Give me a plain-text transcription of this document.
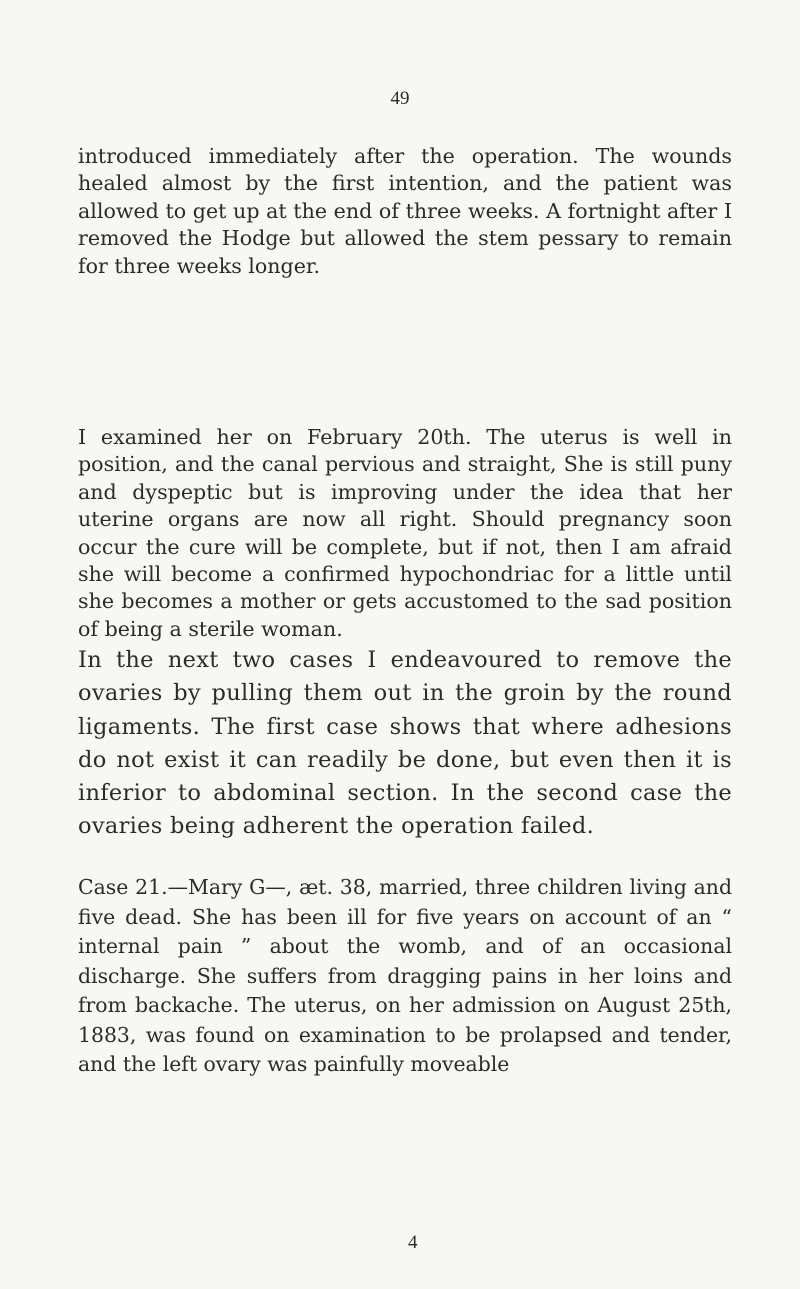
49
introduced immediately after the operation. The wounds healed almost by the first intention, and the patient was allowed to get up at the end of three weeks. A fortnight after I removed the Hodge but allowed the stem pessary to remain for three weeks longer.
I examined her on February 20th. The uterus is well in position, and the canal pervious and straight, She is still puny and dyspeptic but is improving under the idea that her uterine organs are now all right. Should pregnancy soon occur the cure will be complete, but if not, then I am afraid she will become a confirmed hypochondriac for a little until she becomes a mother or gets accustomed to the sad position of being a sterile woman.
In the next two cases I endeavoured to remove the ovaries by pulling them out in the groin by the round ligaments. The first case shows that where adhesions do not exist it can readily be done, but even then it is inferior to abdominal section. In the second case the ovaries being adherent the operation failed.
Case 21.—Mary G—, æt. 38, married, three children living and five dead. She has been ill for five years on account of an “ internal pain ” about the womb, and of an occasional discharge. She suffers from dragging pains in her loins and from backache. The uterus, on her admission on August 25th, 1883, was found on examination to be prolapsed and tender, and the left ovary was painfully moveable
4
